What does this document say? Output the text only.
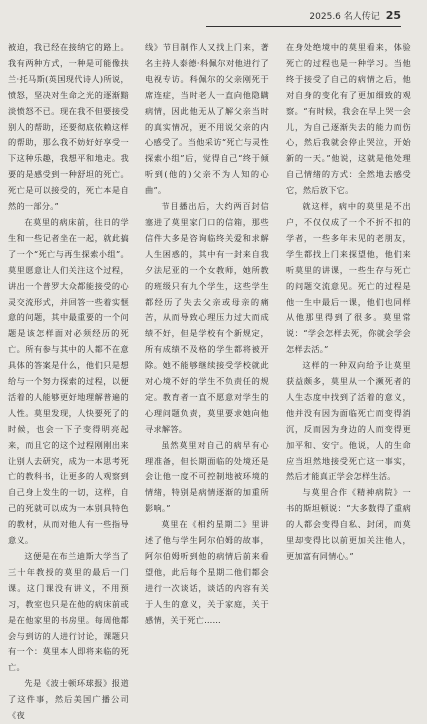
2025.6 名人传记 25

被迫，我已经在接纳它的路上。我有两种方式，一种是可能像扶兰·托马斯(英国现代诗人)所说，愤怒，坚决对生命之光的逐渐黯淡愤怒不已。现在我不但要接受别人的帮助，还要彻底依赖这样的帮助，那么我不妨好好享受一下这种乐趣，我想平和地走。我要的是感受到一种舒坦的死亡。死亡是可以接受的，死亡本是自然的一部分。”

在莫里的病床前，往日的学生和一些记者坐在一起，就此搞了一个“死亡与再生探索小组”。莫里愿意让人们关注这个过程，讲出一个普罗大众都能接受的心灵交流形式，并回答一些着实惬意的问题，其中最重要的一个问题是该怎样面对必须经历的死亡。所有参与其中的人都不在意具体的答案是什么，他们只是想给与一个努力探索的过程，以便活着的人能够更好地理解普遍的人性。莫里发现，人快要死了的时候，也会一下子变得明亮起来，而且它的这个过程刚刚出来让别人去研究，成为一本思考死亡的教科书，让更多的人观察到自己身上发生的一切，这样，自己的死就可以成为一本别具特色的教材，从而对他人有一些指导意义。

这便是在布兰迪斯大学当了三十年教授的莫里的最后一门课。这门课没有讲义，不用预习，教室也只是在他的病床前或是在他家里的书房里。每周他都会与到访的人进行讨论，课题只有一个：莫里本人即将来临的死亡。

先是《波士顿环球报》报道了这件事，然后美国广播公司《夜

线》节目制作人又找上门来，著名主持人泰德·科佩尔对他进行了电视专访。科佩尔的父亲刚死于席连症，当时老人一直向他隐瞒病情，因此他无从了解父亲当时的真实情况，更不用说父亲的内心感受了。当他采访“死亡与灵性探索小组”后，觉得自己“终于倾听到(他的)父亲不为人知的心曲”。

节目播出后，大约两百封信塞进了莫里家门口的信箱，那些信件大多是咨询临终关爱和求解人生困惑的，其中有一封来自我夕法尼亚的一个女教师，她所教的班级只有九个学生，这些学生都经历了失去父亲或母亲的痛苦，从而导致心理压力过大而成绩不好，但是学校有个新规定，所有成绩不及格的学生都将被开除。她不能够继续接受学校就此对心境不好的学生不负责任的规定。教育者一直不愿意对学生的心理问题负责，莫里要求她向他寻求解答。

虽然莫里对自己的病早有心理准备，但长期面临的处境还是会让他一度不可控制地被环境的情绪，特别是病情逐渐的加重所影响。”

莫里在《相约星期二》里讲述了他与学生阿尔伯姆的故事，阿尔伯姆听到他的病情后前来看望他，此后每个星期二他们都会进行一次谈话，谈话的内容有关于人生的意义，关于家庭，关于感情，关于死亡……

在身处绝境中的莫里看来，体验死亡的过程也是一种学习。当他终于接受了自己的病情之后，他对自身的变化有了更加细致的观察。“有时候，我会在早上哭一会儿，为自己逐渐失去的能力而伤心，然后我就会停止哭泣，开始新的一天。”他说，这就是他处理自己情绪的方式：全然地去感受它，然后放下它。

就这样，病中的莫里是不出户，不仅仅成了一个不折不扣的学者，一些多年未见的老朋友，学生都找上门来探望他，他们来听莫里的讲课，一些生存与死亡的问题交流意见。死亡的过程是他一生中最后一课，他们也同样从他那里得到了很多。莫里常说：“学会怎样去死，你就会学会怎样去活。”

这样的一种双向给予让莫里获益颇多，莫里从一个濒死者的人生态度中找到了活着的意义，他并没有因为面临死亡而变得消沉，反而因为身边的人而变得更加平和、安宁。他说，人的生命应当坦然地接受死亡这一事实，然后才能真正学会怎样生活。

与莫里合作《精神病院》一书的斯坦顿说：“大多数得了重病的人都会变得自私、封闭，而莫里却变得比以前更加关注他人，更加富有同情心。”
